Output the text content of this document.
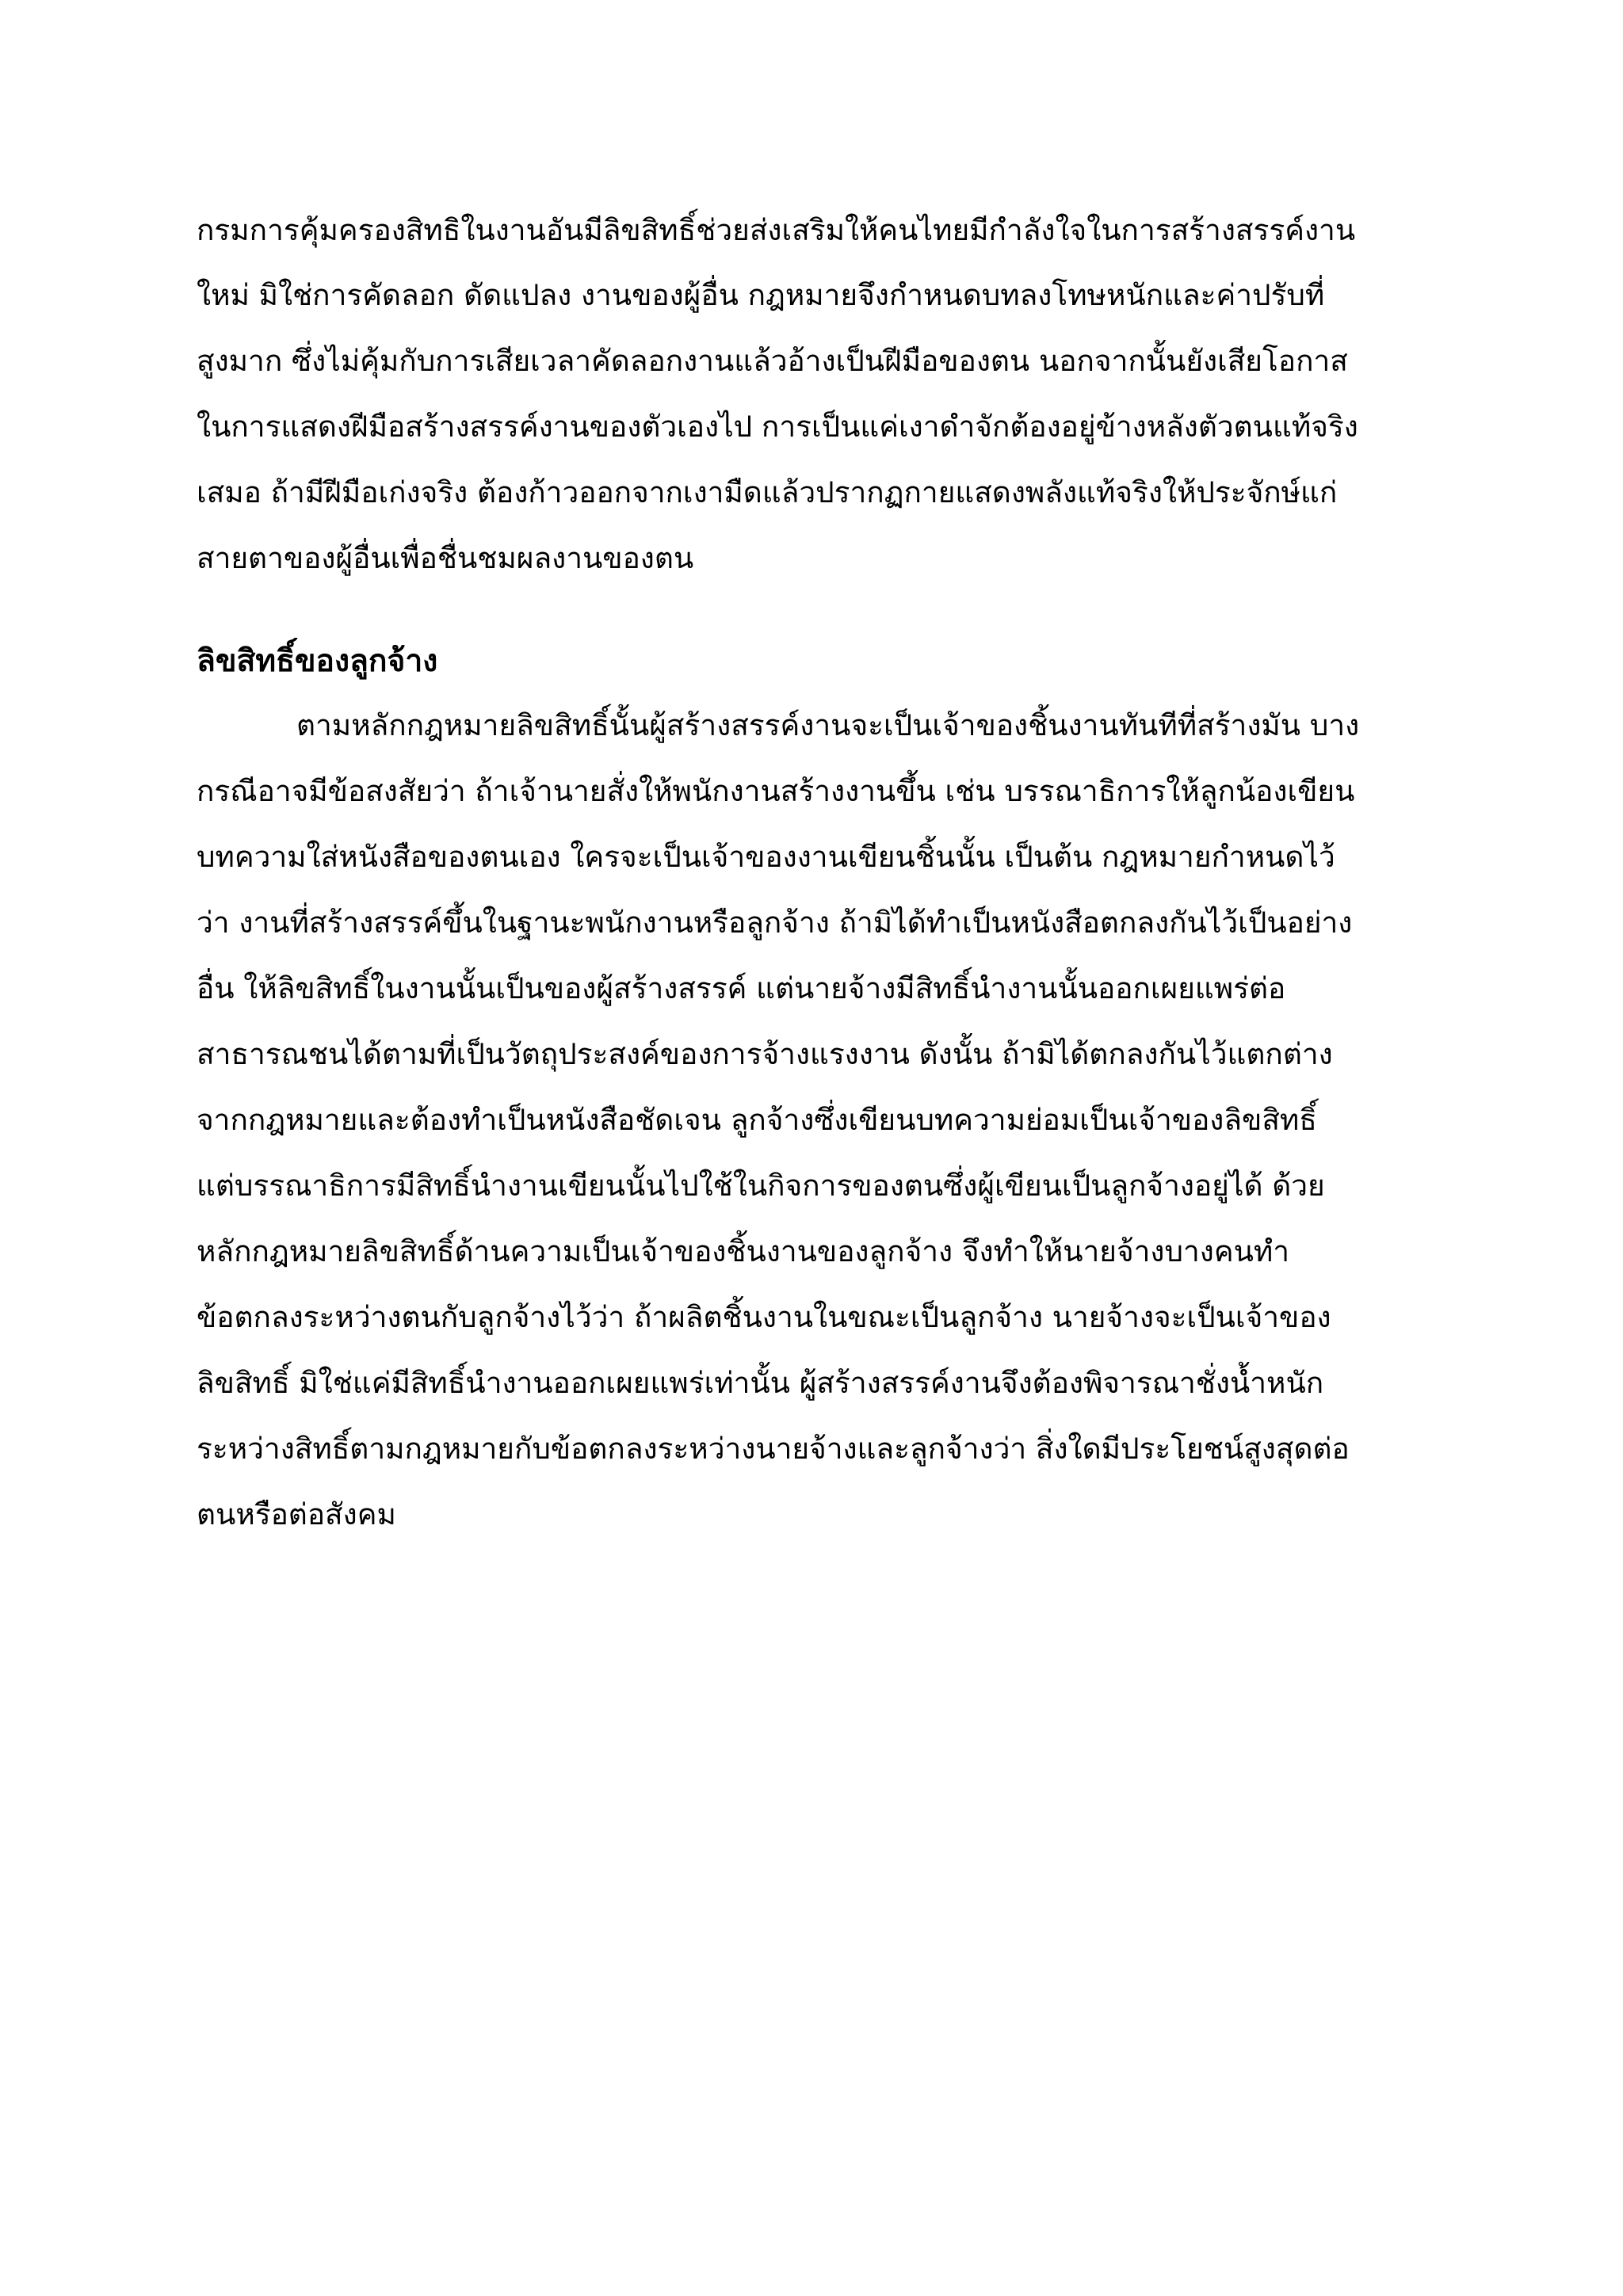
กรมการคุ้มครองสิทธิในงานอันมีลิขสิทธิ์ช่วยส่งเสริมให้คนไทยมีกำลังใจในการสร้างสรรค์งาน
ใหม่ มิใช่การคัดลอก ดัดแปลง งานของผู้อื่น กฎหมายจึงกำหนดบทลงโทษหนักและค่าปรับที่
สูงมาก ซึ่งไม่คุ้มกับการเสียเวลาคัดลอกงานแล้วอ้างเป็นฝีมือของตน นอกจากนั้นยังเสียโอกาส
ในการแสดงฝีมือสร้างสรรค์งานของตัวเองไป การเป็นแค่เงาดำจักต้องอยู่ข้างหลังตัวตนแท้จริง
เสมอ ถ้ามีฝีมือเก่งจริง ต้องก้าวออกจากเงามืดแล้วปรากฏกายแสดงพลังแท้จริงให้ประจักษ์แก่
สายตาของผู้อื่นเพื่อชื่นชมผลงานของตน
ลิขสิทธิ์ของลูกจ้าง
ตามหลักกฎหมายลิขสิทธิ์นั้นผู้สร้างสรรค์งานจะเป็นเจ้าของชิ้นงานทันทีที่สร้างมัน บาง
กรณีอาจมีข้อสงสัยว่า ถ้าเจ้านายสั่งให้พนักงานสร้างงานขึ้น เช่น บรรณาธิการให้ลูกน้องเขียน
บทความใส่หนังสือของตนเอง ใครจะเป็นเจ้าของงานเขียนชิ้นนั้น เป็นต้น กฎหมายกำหนดไว้
ว่า งานที่สร้างสรรค์ขึ้นในฐานะพนักงานหรือลูกจ้าง ถ้ามิได้ทำเป็นหนังสือตกลงกันไว้เป็นอย่าง
อื่น ให้ลิขสิทธิ์ในงานนั้นเป็นของผู้สร้างสรรค์ แต่นายจ้างมีสิทธิ์นำงานนั้นออกเผยแพร่ต่อ
สาธารณชนได้ตามที่เป็นวัตถุประสงค์ของการจ้างแรงงาน ดังนั้น ถ้ามิได้ตกลงกันไว้แตกต่าง
จากกฎหมายและต้องทำเป็นหนังสือชัดเจน ลูกจ้างซึ่งเขียนบทความย่อมเป็นเจ้าของลิขสิทธิ์
แต่บรรณาธิการมีสิทธิ์นำงานเขียนนั้นไปใช้ในกิจการของตนซึ่งผู้เขียนเป็นลูกจ้างอยู่ได้ ด้วย
หลักกฎหมายลิขสิทธิ์ด้านความเป็นเจ้าของชิ้นงานของลูกจ้าง จึงทำให้นายจ้างบางคนทำ
ข้อตกลงระหว่างตนกับลูกจ้างไว้ว่า ถ้าผลิตชิ้นงานในขณะเป็นลูกจ้าง นายจ้างจะเป็นเจ้าของ
ลิขสิทธิ์ มิใช่แค่มีสิทธิ์นำงานออกเผยแพร่เท่านั้น ผู้สร้างสรรค์งานจึงต้องพิจารณาชั่งน้ำหนัก
ระหว่างสิทธิ์ตามกฎหมายกับข้อตกลงระหว่างนายจ้างและลูกจ้างว่า สิ่งใดมีประโยชน์สูงสุดต่อ
ตนหรือต่อสังคม
